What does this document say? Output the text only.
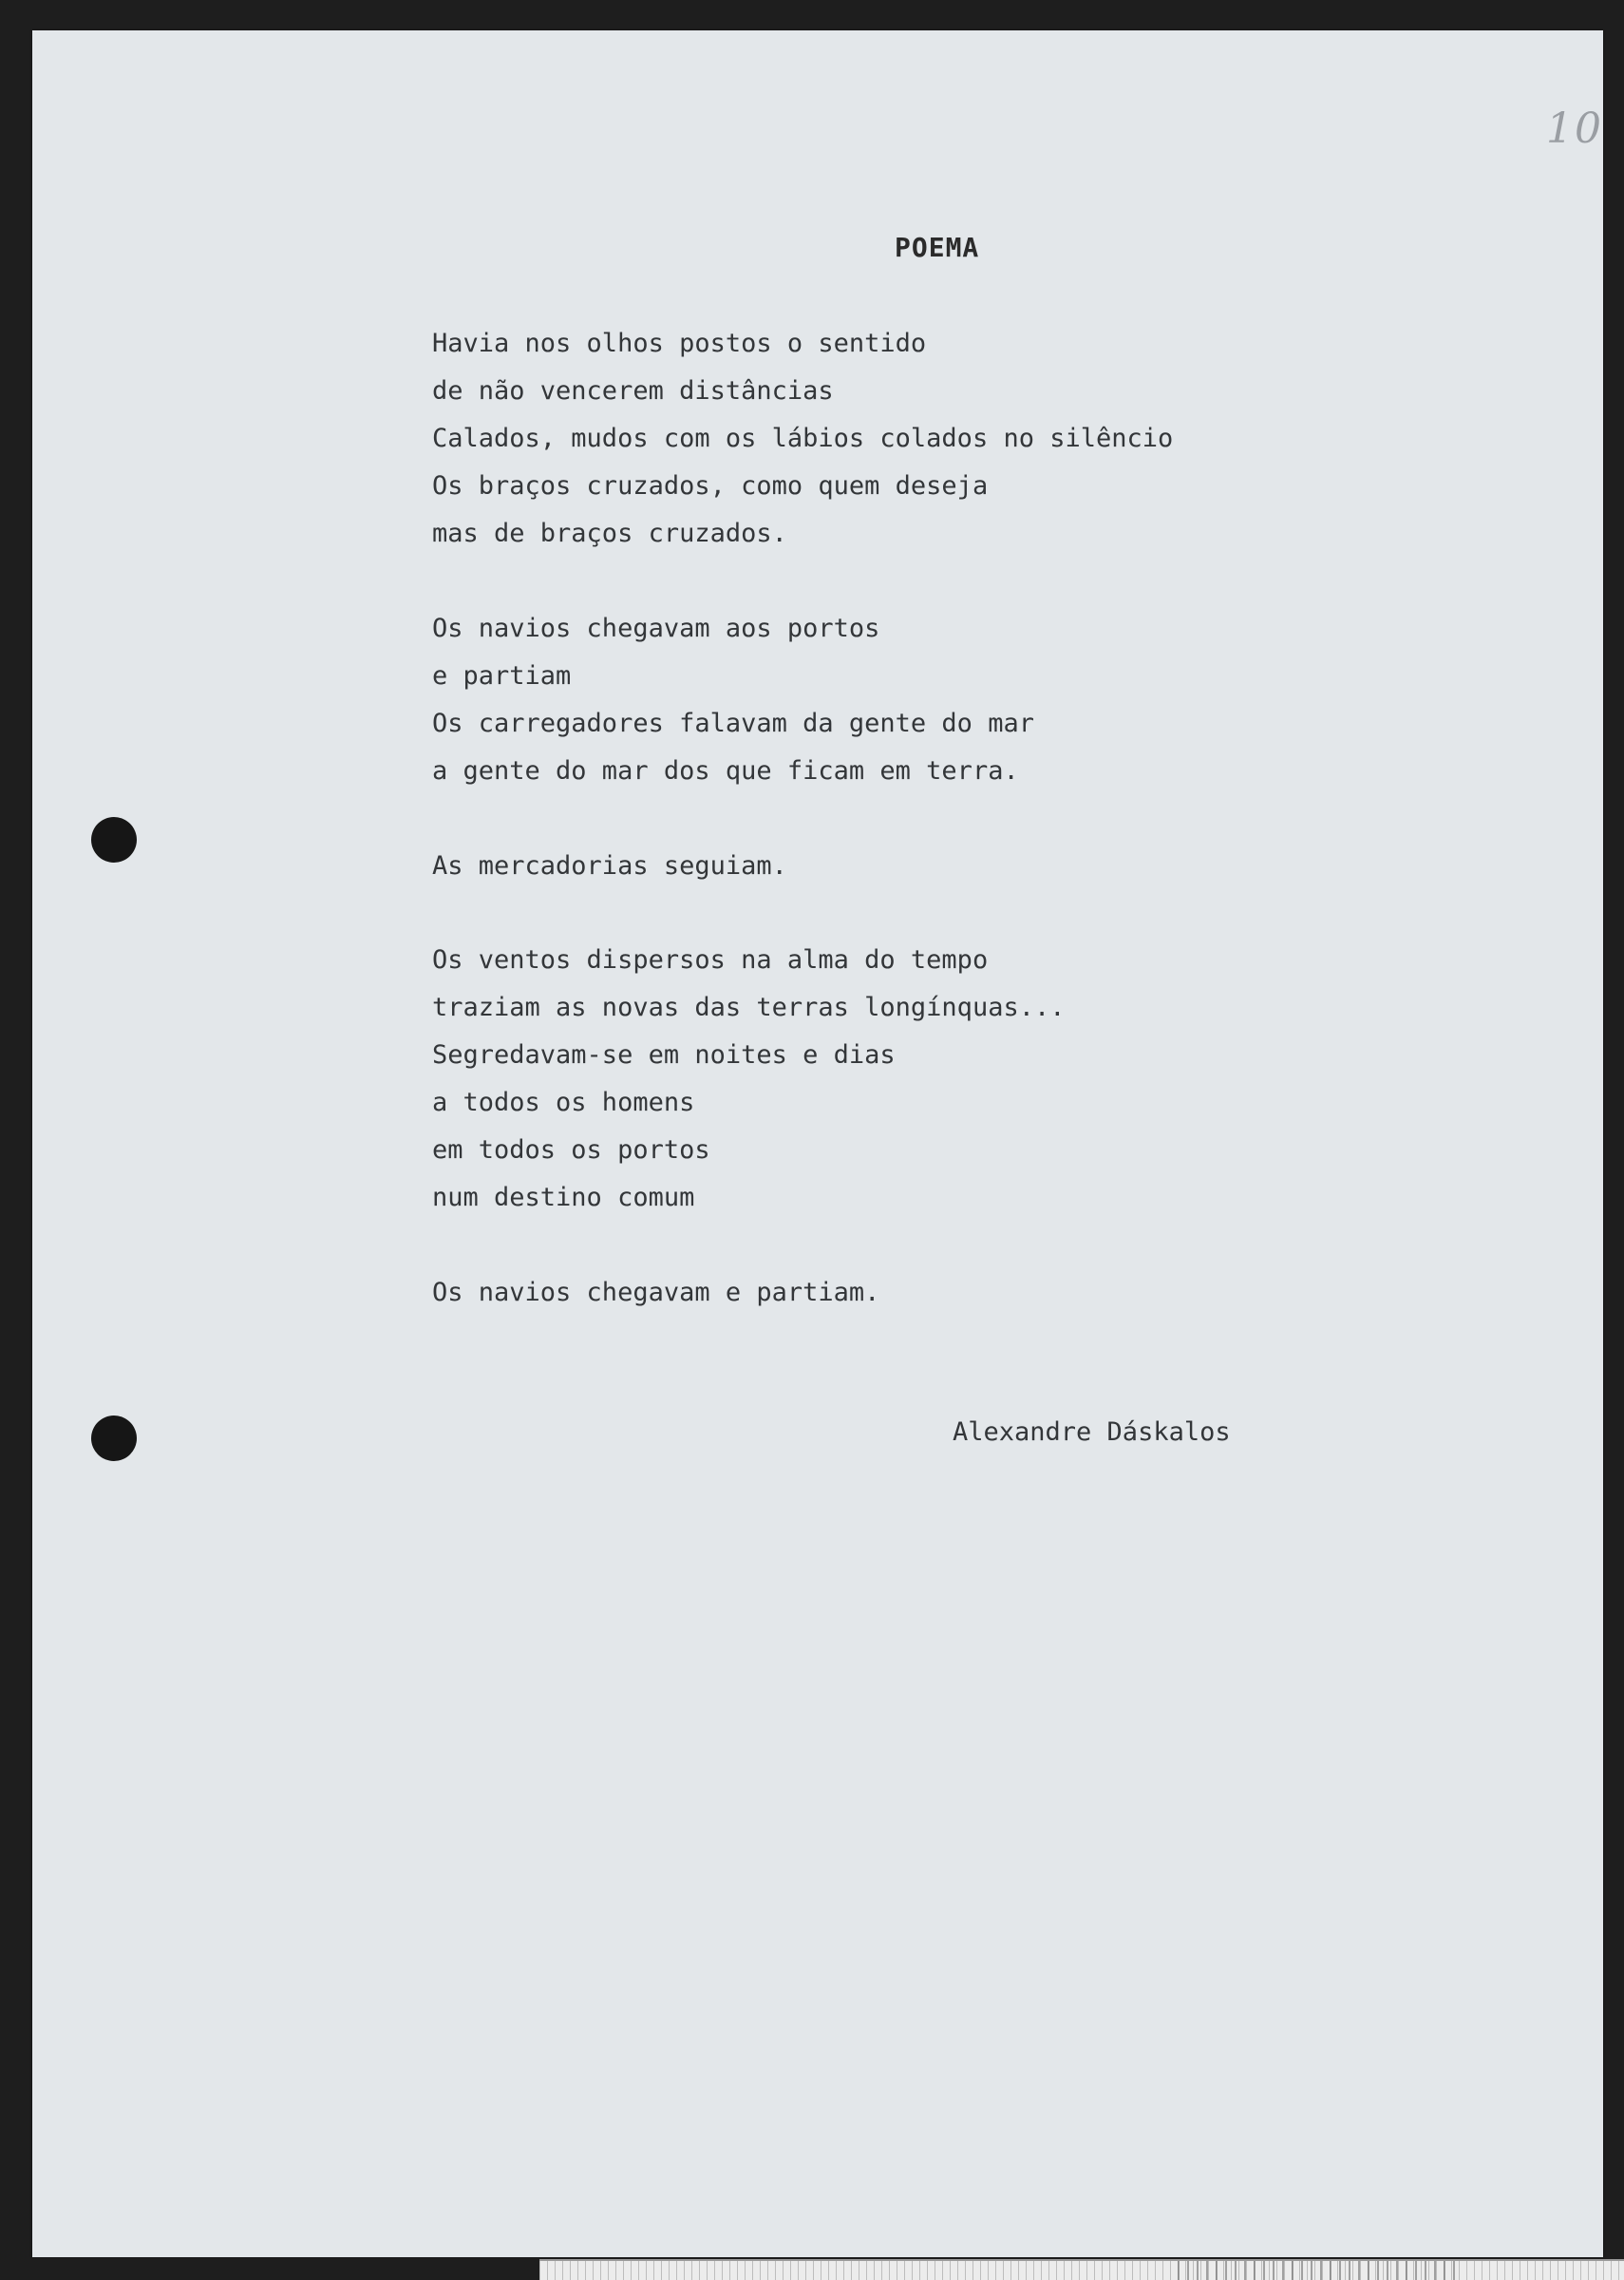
10
POEMA
Havia nos olhos postos o sentido
de não vencerem distâncias
Calados, mudos com os lábios colados no silêncio
Os braços cruzados, como quem deseja
mas de braços cruzados.
Os navios chegavam aos portos
e partiam
Os carregadores falavam da gente do mar
a gente do mar dos que ficam em terra.
As mercadorias seguiam.
Os ventos dispersos na alma do tempo
traziam as novas das terras longínquas...
Segredavam-se em noites e dias
a todos os homens
em todos os portos
num destino comum
Os navios chegavam e partiam.
Alexandre Dáskalos
